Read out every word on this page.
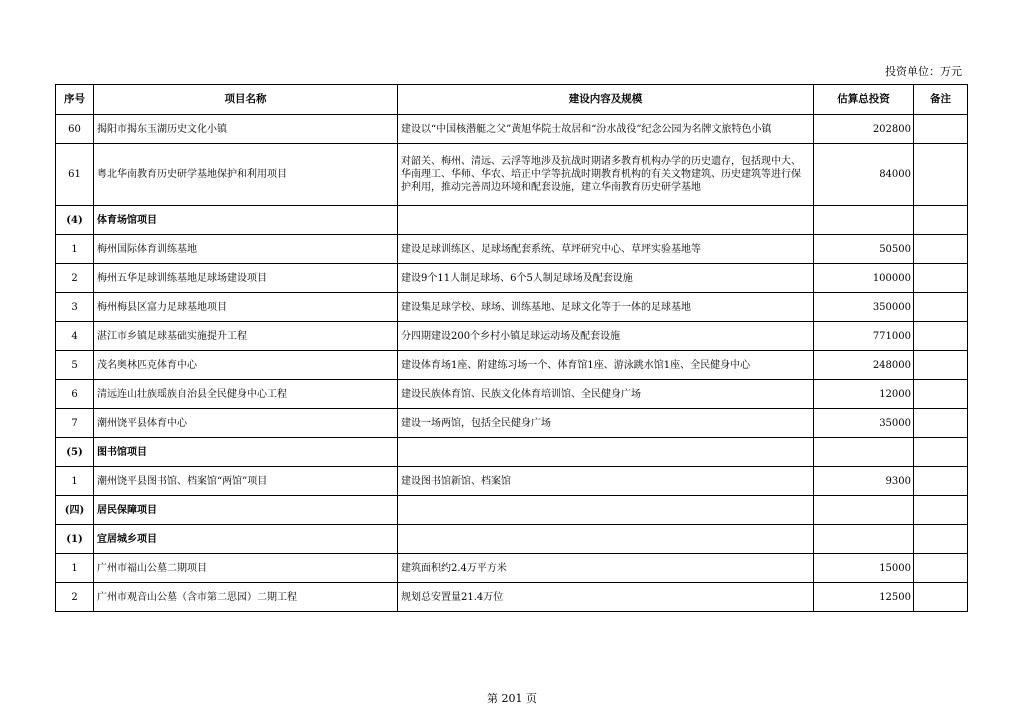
投资单位：万元
序号	项目名称	建设内容及规模	估算总投资	备注
60	揭阳市揭东玉湖历史文化小镇	建设以“中国核潜艇之父”黄旭华院士故居和“汾水战役”纪念公园为名牌文旅特色小镇	202800	
61	粤北华南教育历史研学基地保护和利用项目	对韶关、梅州、清远、云浮等地涉及抗战时期诸多教育机构办学的历史遗存，包括现中大、华南理工、华师、华农、培正中学等抗战时期教育机构的有关文物建筑、历史建筑等进行保护利用，推动完善周边环境和配套设施，建立华南教育历史研学基地	84000	
(4)	体育场馆项目			
1	梅州国际体育训练基地	建设足球训练区、足球场配套系统、草坪研究中心、草坪实验基地等	50500	
2	梅州五华足球训练基地足球场建设项目	建设9个11人制足球场、6个5人制足球场及配套设施	100000	
3	梅州梅县区富力足球基地项目	建设集足球学校、球场、训练基地、足球文化等于一体的足球基地	350000	
4	湛江市乡镇足球基础实施提升工程	分四期建设200个乡村小镇足球运动场及配套设施	771000	
5	茂名奥林匹克体育中心	建设体育场1座、附建练习场一个、体育馆1座、游泳跳水馆1座、全民健身中心	248000	
6	清远连山壮族瑶族自治县全民健身中心工程	建设民族体育馆、民族文化体育培训馆、全民健身广场	12000	
7	潮州饶平县体育中心	建设一场两馆，包括全民健身广场	35000	
(5)	图书馆项目			
1	潮州饶平县图书馆、档案馆“两馆”项目	建设图书馆新馆、档案馆	9300	
(四)	居民保障项目			
(1)	宜居城乡项目			
1	广州市福山公墓二期项目	建筑面积约2.4万平方米	15000	
2	广州市观音山公墓（含市第二思园）二期工程	规划总安置量21.4万位	12500	
第 201 页
